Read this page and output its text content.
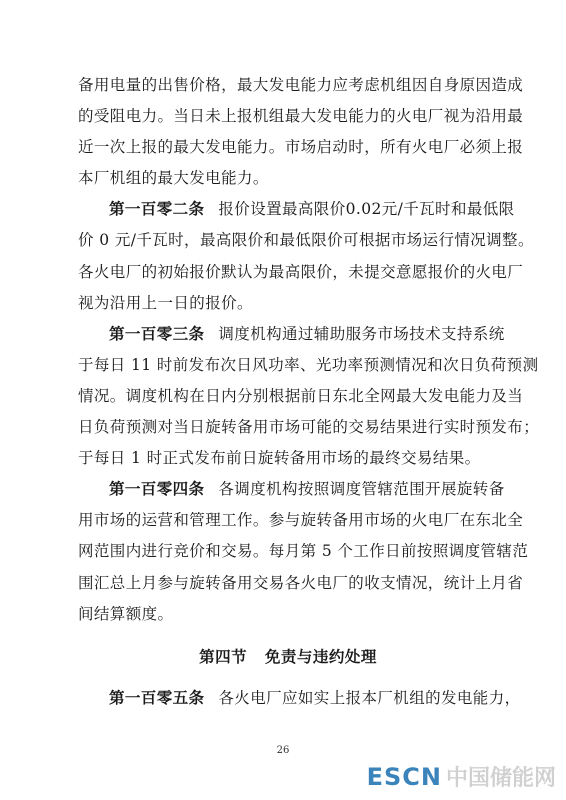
备用电量的出售价格，最大发电能力应考虑机组因自身原因造成
的受阻电力。当日未上报机组最大发电能力的火电厂视为沿用最
近一次上报的最大发电能力。市场启动时，所有火电厂必须上报
本厂机组的最大发电能力。
第一百零二条 报价设置最高限价0.02元/千瓦时和最低限
价 0 元/千瓦时，最高限价和最低限价可根据市场运行情况调整。
各火电厂的初始报价默认为最高限价，未提交意愿报价的火电厂
视为沿用上一日的报价。
第一百零三条 调度机构通过辅助服务市场技术支持系统
于每日 11 时前发布次日风功率、光功率预测情况和次日负荷预测
情况。调度机构在日内分别根据前日东北全网最大发电能力及当
日负荷预测对当日旋转备用市场可能的交易结果进行实时预发布；
于每日 1 时正式发布前日旋转备用市场的最终交易结果。
第一百零四条 各调度机构按照调度管辖范围开展旋转备
用市场的运营和管理工作。参与旋转备用市场的火电厂在东北全
网范围内进行竞价和交易。每月第 5 个工作日前按照调度管辖范
围汇总上月参与旋转备用交易各火电厂的收支情况，统计上月省
间结算额度。
第四节   免责与违约处理
第一百零五条 各火电厂应如实上报本厂机组的发电能力，
26
ESCN 中国储能网
